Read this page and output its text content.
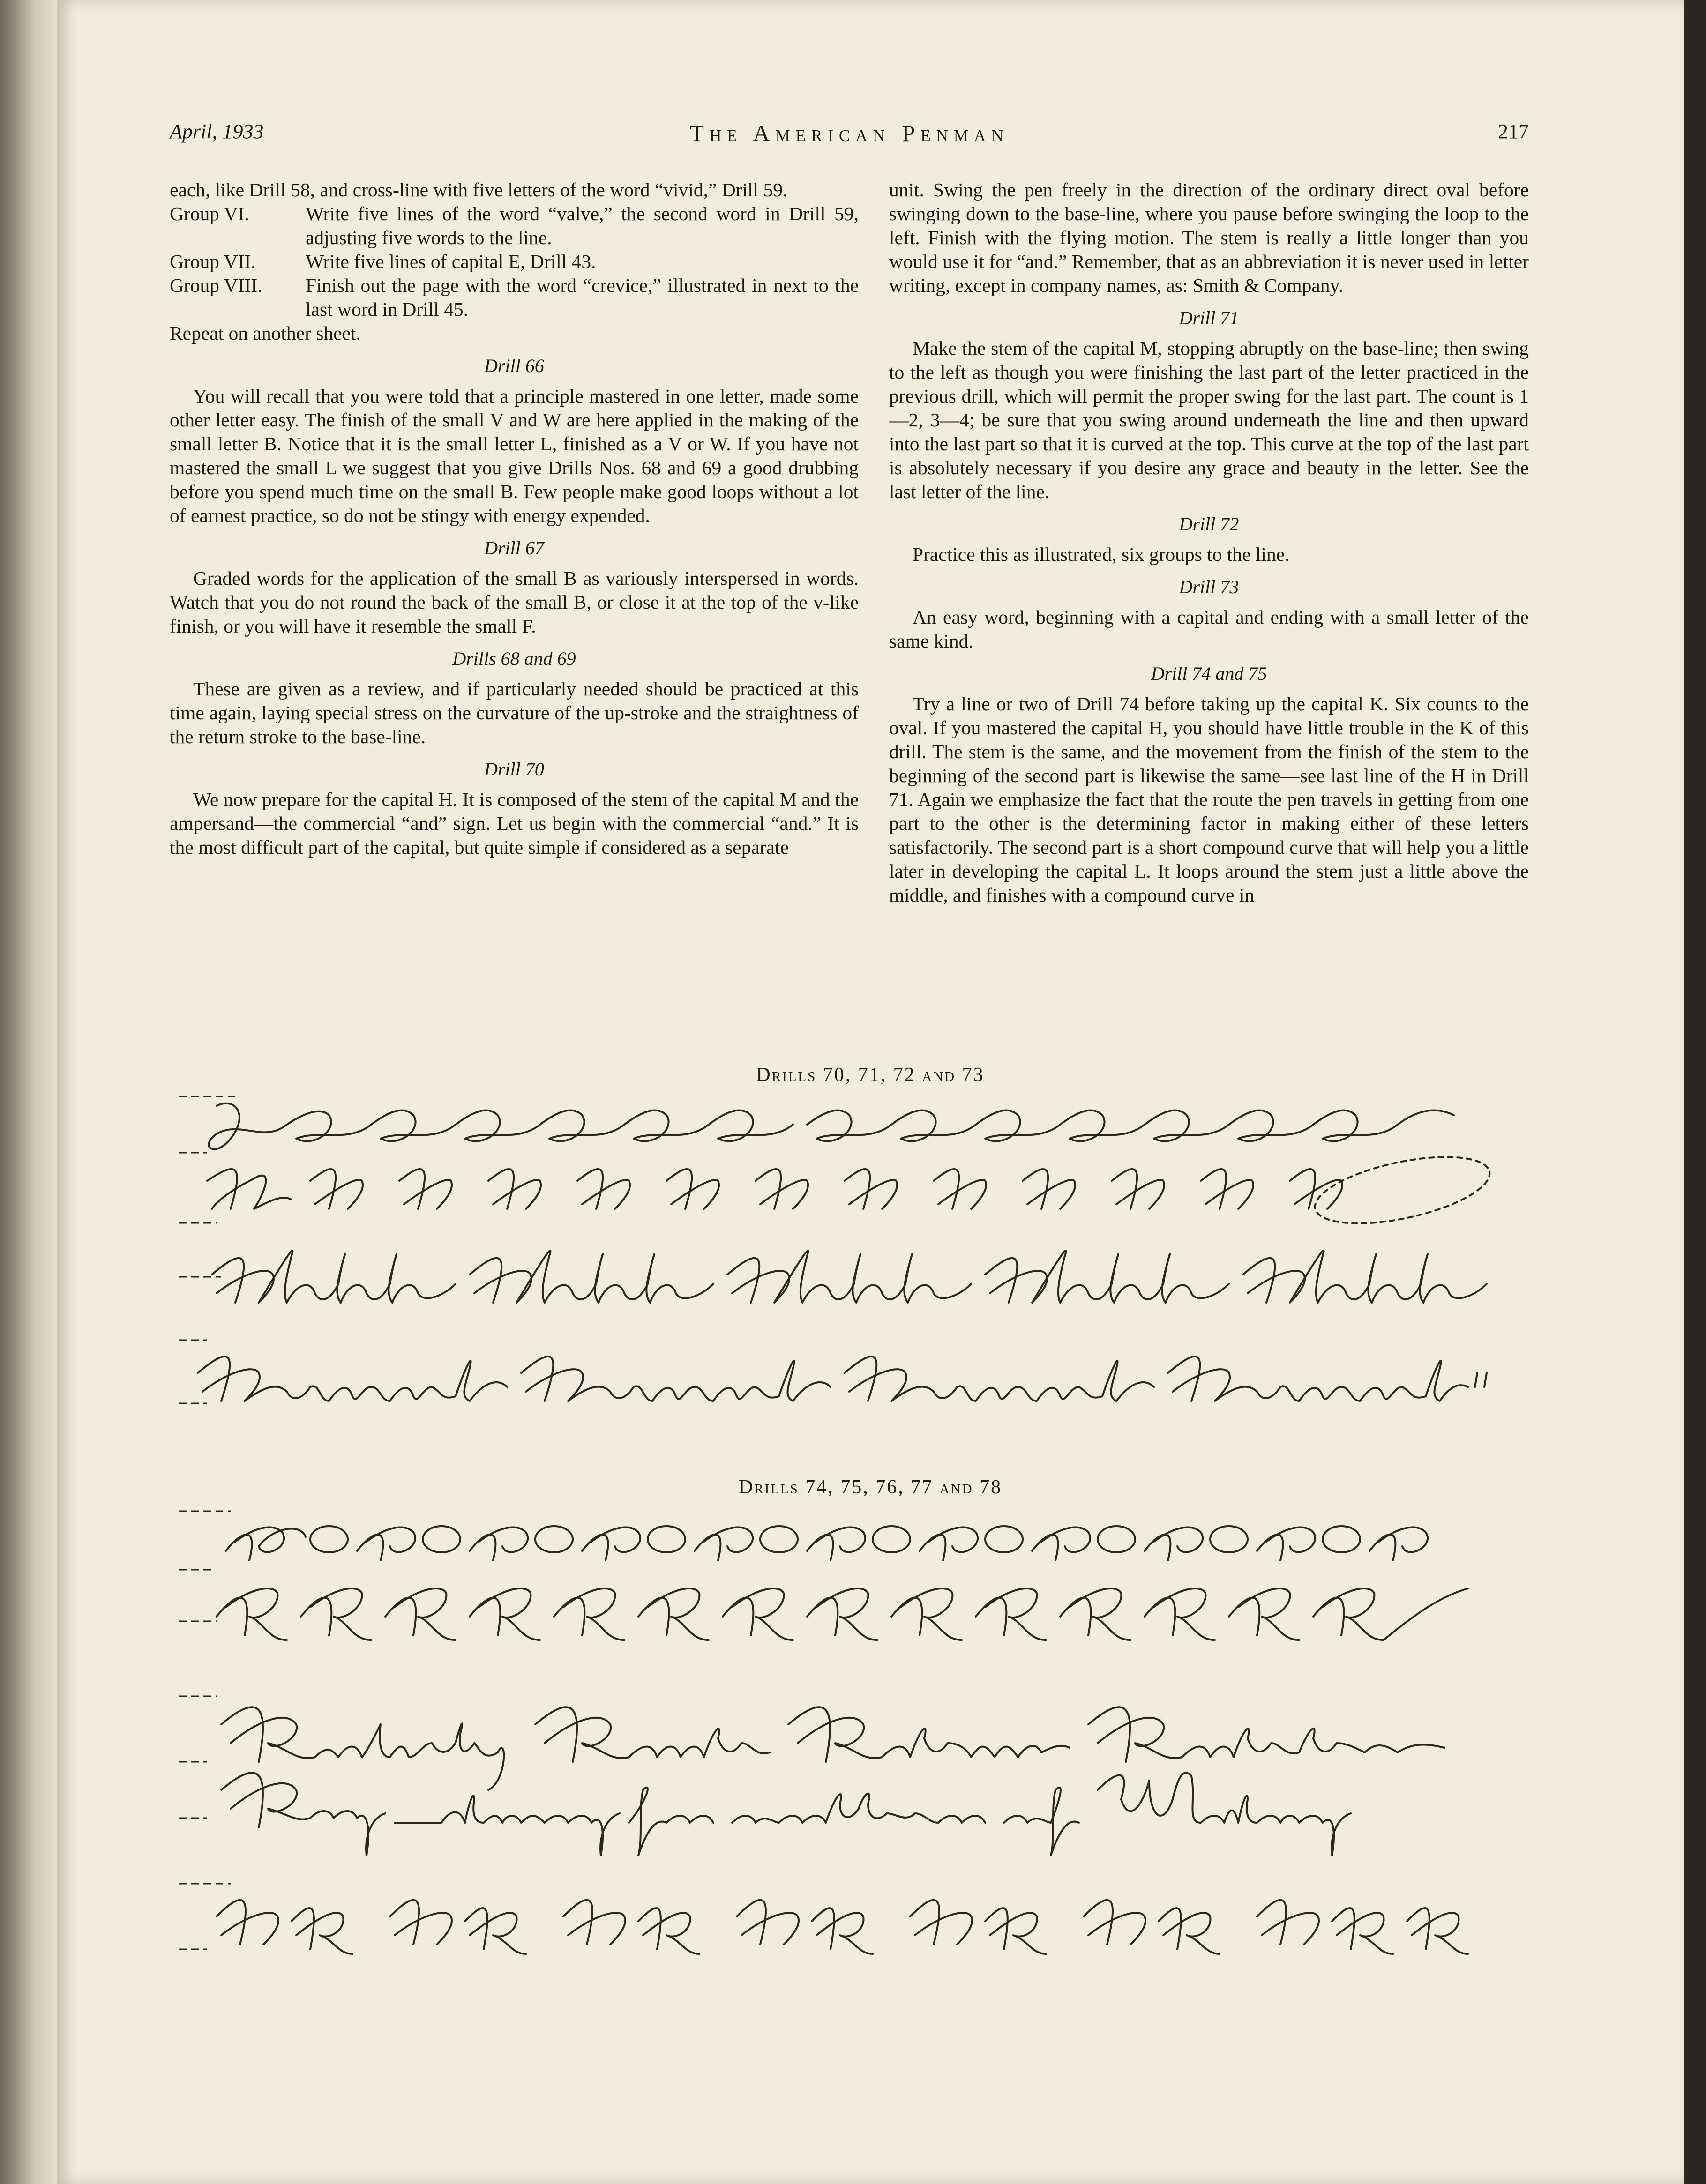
April, 1933	The American Penman	217

each, like Drill 58, and cross-line with five letters of the word “vivid,” Drill 59.

Group VI.	Write five lines of the word “valve,” the second word in Drill 59, adjusting five words to the line.
Group VII.	Write five lines of capital E, Drill 43.
Group VIII.	Finish out the page with the word “crevice,” illustrated in next to the last word in Drill 45.

Repeat on another sheet.

Drill 66

You will recall that you were told that a principle mastered in one letter, made some other letter easy. The finish of the small V and W are here applied in the making of the small letter B. Notice that it is the small letter L, finished as a V or W. If you have not mastered the small L we suggest that you give Drills Nos. 68 and 69 a good drubbing before you spend much time on the small B. Few people make good loops without a lot of earnest practice, so do not be stingy with energy expended.

Drill 67

Graded words for the application of the small B as variously interspersed in words. Watch that you do not round the back of the small B, or close it at the top of the v-like finish, or you will have it resemble the small F.

Drills 68 and 69

These are given as a review, and if particularly needed should be practiced at this time again, laying special stress on the curvature of the up-stroke and the straightness of the return stroke to the base-line.

Drill 70

We now prepare for the capital H. It is composed of the stem of the capital M and the ampersand—the commercial “and” sign. Let us begin with the commercial “and.” It is the most difficult part of the capital, but quite simple if considered as a separate

unit. Swing the pen freely in the direction of the ordinary direct oval before swinging down to the base-line, where you pause before swinging the loop to the left. Finish with the flying motion. The stem is really a little longer than you would use it for “and.” Remember, that as an abbreviation it is never used in letter writing, except in company names, as: Smith & Company.

Drill 71

Make the stem of the capital M, stopping abruptly on the base-line; then swing to the left as though you were finishing the last part of the letter practiced in the previous drill, which will permit the proper swing for the last part. The count is 1—2, 3—4; be sure that you swing around underneath the line and then upward into the last part so that it is curved at the top. This curve at the top of the last part is absolutely necessary if you desire any grace and beauty in the letter. See the last letter of the line.

Drill 72

Practice this as illustrated, six groups to the line.

Drill 73

An easy word, beginning with a capital and ending with a small letter of the same kind.

Drill 74 and 75

Try a line or two of Drill 74 before taking up the capital K. Six counts to the oval. If you mastered the capital H, you should have little trouble in the K of this drill. The stem is the same, and the movement from the finish of the stem to the beginning of the second part is likewise the same—see last line of the H in Drill 71. Again we emphasize the fact that the route the pen travels in getting from one part to the other is the determining factor in making either of these letters satisfactorily. The second part is a short compound curve that will help you a little later in developing the capital L. It loops around the stem just a little above the middle, and finishes with a compound curve in

Drills 70, 71, 72 and 73
Drills 74, 75, 76, 77 and 78
